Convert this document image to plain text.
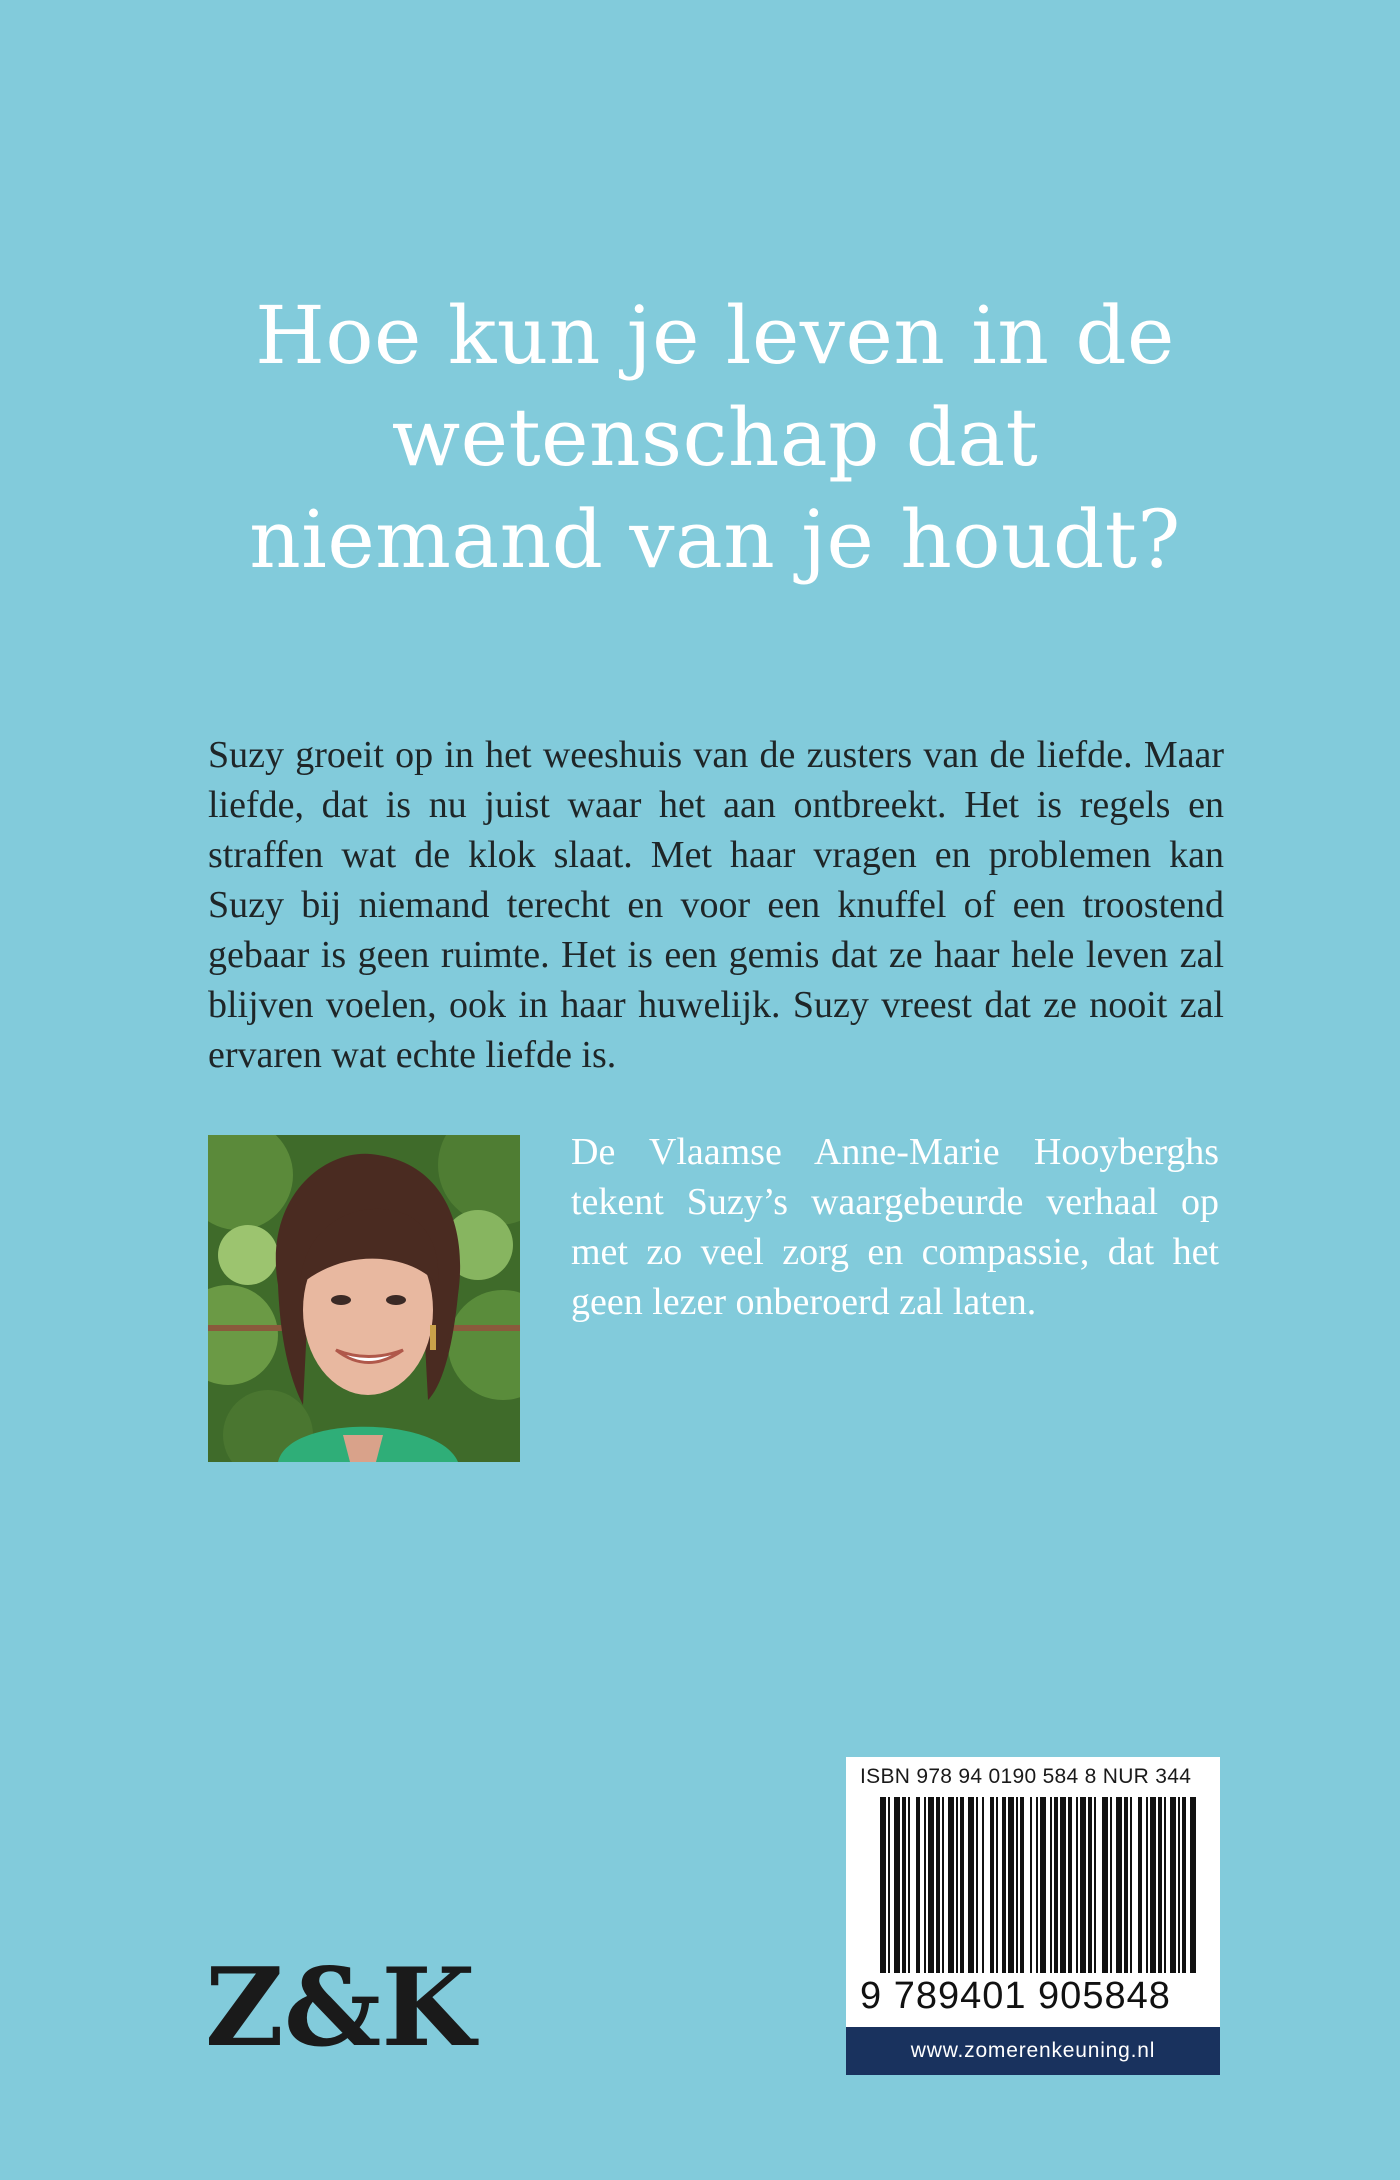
Hoe kun je leven in de
wetenschap dat
niemand van je houdt?

Suzy groeit op in het weeshuis van de zusters van de liefde. Maar liefde, dat is nu juist waar het aan ontbreekt. Het is regels en straffen wat de klok slaat. Met haar vragen en problemen kan Suzy bij niemand terecht en voor een knuffel of een troostend gebaar is geen ruimte. Het is een gemis dat ze haar hele leven zal blijven voelen, ook in haar huwelijk. Suzy vreest dat ze nooit zal ervaren wat echte liefde is.

De Vlaamse Anne-Marie Hooyberghs tekent Suzy’s waargebeurde verhaal op met zo veel zorg en compassie, dat het geen lezer onberoerd zal laten.

Z&K
ISBN 978 94 0190 584 8 NUR 344
9 789401 905848
www.zomerenkeuning.nl
